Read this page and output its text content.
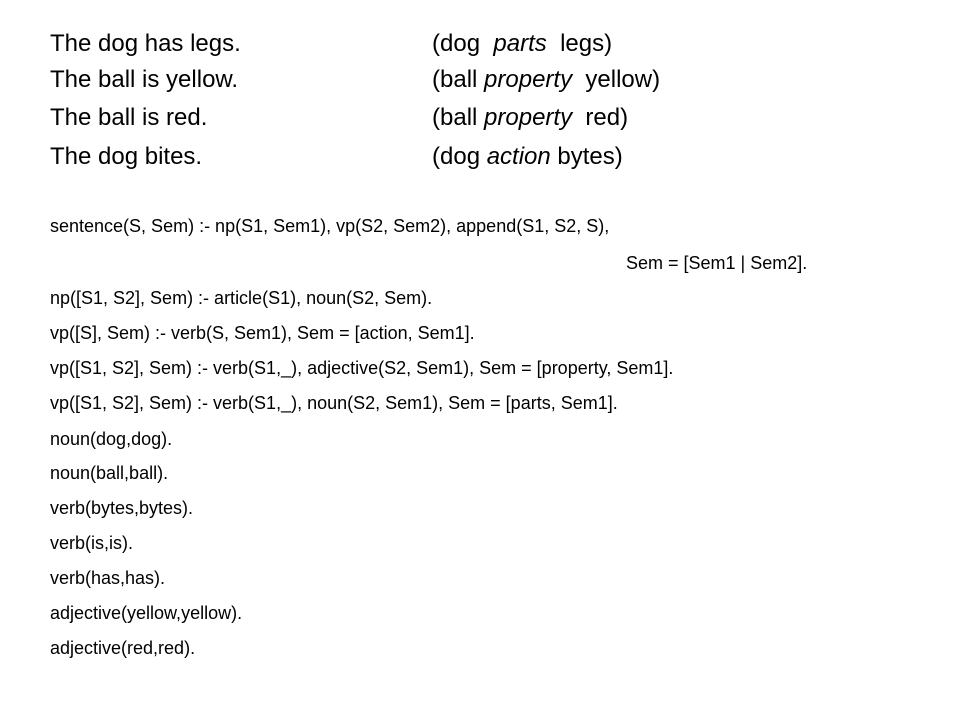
The dog has legs.	(dog  parts  legs)
The ball is yellow.	(ball property  yellow)
The ball is red.	(ball property  red)
The dog bites.	(dog action bytes)
sentence(S, Sem) :- np(S1, Sem1), vp(S2, Sem2), append(S1, S2, S),
Sem = [Sem1 | Sem2].
np([S1, S2], Sem) :- article(S1), noun(S2, Sem).
vp([S], Sem) :- verb(S, Sem1), Sem = [action, Sem1].
vp([S1, S2], Sem) :- verb(S1,_), adjective(S2, Sem1), Sem = [property, Sem1].
vp([S1, S2], Sem) :- verb(S1,_), noun(S2, Sem1), Sem = [parts, Sem1].
noun(dog,dog).
noun(ball,ball).
verb(bytes,bytes).
verb(is,is).
verb(has,has).
adjective(yellow,yellow).
adjective(red,red).
